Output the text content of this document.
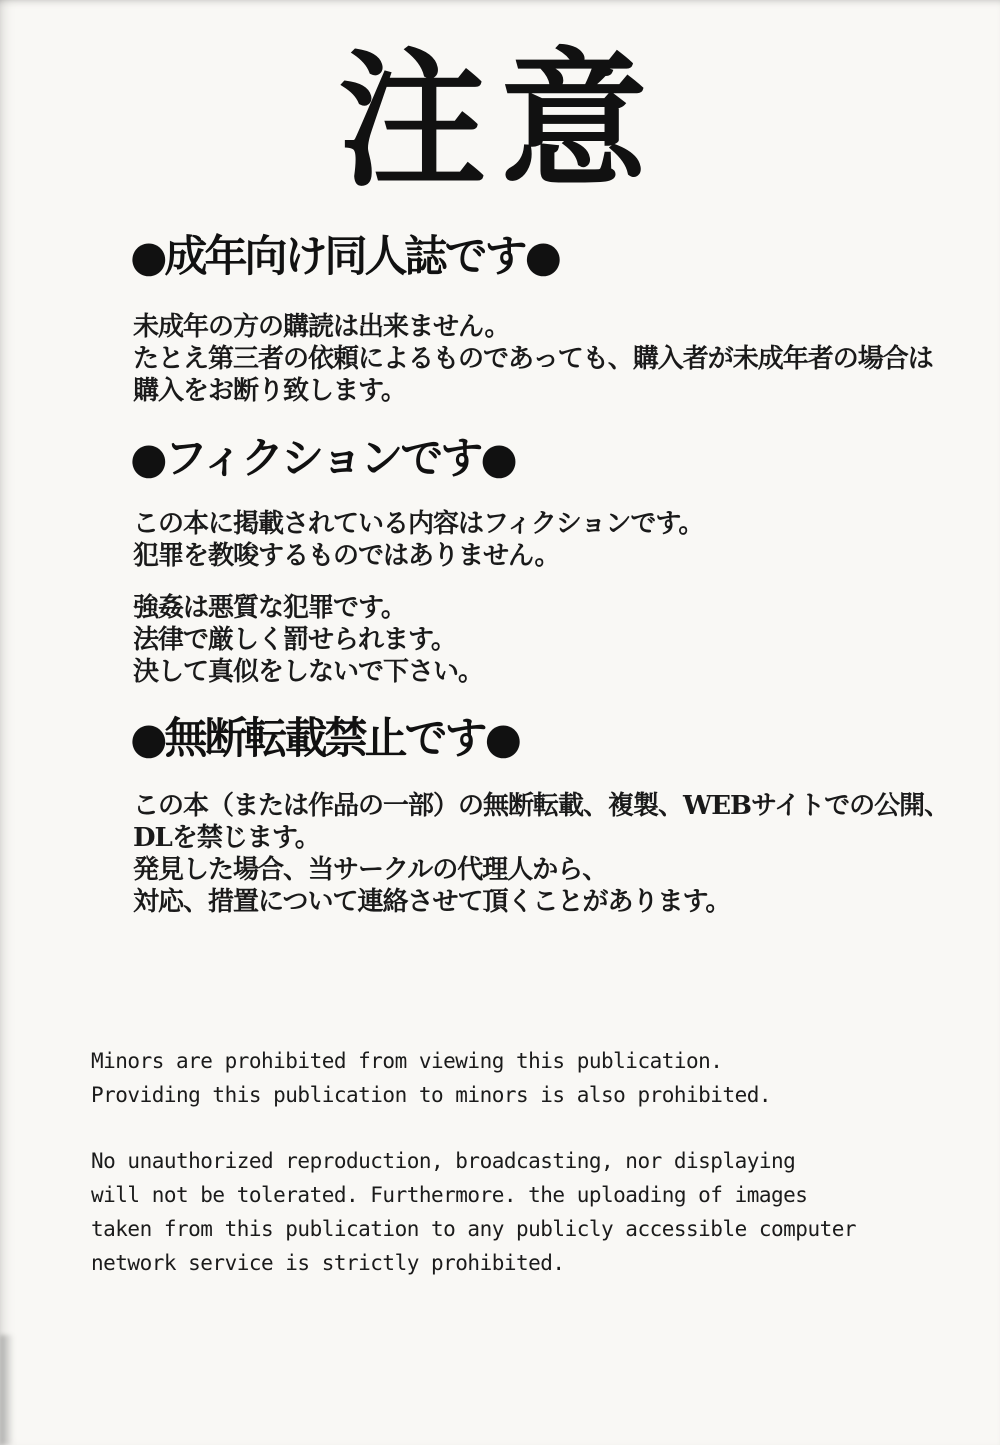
注意
●成年向け同人誌です●
未成年の方の購読は出来ません。
たとえ第三者の依頼によるものであっても、購入者が未成年者の場合は
購入をお断り致します。
●フィクションです●
この本に掲載されている内容はフィクションです。
犯罪を教唆するものではありません。
強姦は悪質な犯罪です。
法律で厳しく罰せられます。
決して真似をしないで下さい。
●無断転載禁止です●
この本（または作品の一部）の無断転載、複製、WEBサイトでの公開、
DLを禁じます。
発見した場合、当サークルの代理人から、
対応、措置について連絡させて頂くことがあります。
Minors are prohibited from viewing this publication.
Providing this publication to minors is also prohibited.
No unauthorized reproduction, broadcasting, nor displaying
will not be tolerated. Furthermore. the uploading of images
taken from this publication to any publicly accessible computer
network service is strictly prohibited.
